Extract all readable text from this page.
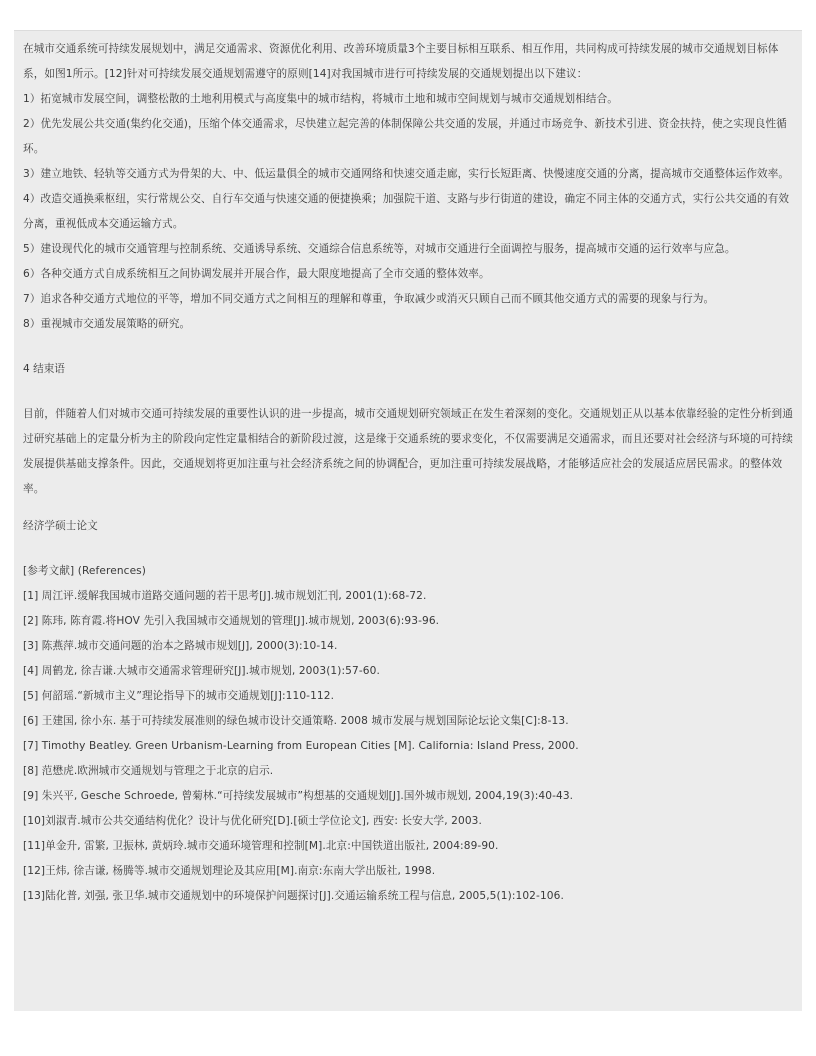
在城市交通系统可持续发展规划中，满足交通需求、资源优化利用、改善环境质量3个主要目标相互联系、相互作用，共同构成可持续发展的城市交通规划目标体系，如图1所示。[12]针对可持续发展交通规划需遵守的原则[14]对我国城市进行可持续发展的交通规划提出以下建议：

1）拓宽城市发展空间，调整松散的土地利用模式与高度集中的城市结构，将城市土地和城市空间规划与城市交通规划相结合。

2）优先发展公共交通(集约化交通)，压缩个体交通需求，尽快建立起完善的体制保障公共交通的发展，并通过市场竞争、新技术引进、资金扶持，使之实现良性循环。

3）建立地铁、轻轨等交通方式为骨架的大、中、低运量俱全的城市交通网络和快速交通走廊，实行长短距离、快慢速度交通的分离，提高城市交通整体运作效率。

4）改造交通换乘枢纽，实行常规公交、自行车交通与快速交通的便捷换乘；加强院干道、支路与步行街道的建设，确定不同主体的交通方式，实行公共交通的有效分离，重视低成本交通运输方式。

5）建设现代化的城市交通管理与控制系统、交通诱导系统、交通综合信息系统等，对城市交通进行全面调控与服务，提高城市交通的运行效率与应急。

6）各种交通方式自成系统相互之间协调发展并开展合作，最大限度地提高了全市交通的整体效率。

7）追求各种交通方式地位的平等，增加不同交通方式之间相互的理解和尊重，争取减少或消灭只顾自己而不顾其他交通方式的需要的现象与行为。

8）重视城市交通发展策略的研究。

4 结束语

目前，伴随着人们对城市交通可持续发展的重要性认识的进一步提高，城市交通规划研究领域正在发生着深刻的变化。交通规划正从以基本依靠经验的定性分析到通过研究基础上的定量分析为主的阶段向定性定量相结合的新阶段过渡，这是缘于交通系统的要求变化，不仅需要满足交通需求，而且还要对社会经济与环境的可持续发展提供基础支撑条件。因此，交通规划将更加注重与社会经济系统之间的协调配合，更加注重可持续发展战略，才能够适应社会的发展适应居民需求。的整体效率。

经济学硕士论文

[参考文献] (References)

[1] 周江评.缓解我国城市道路交通问题的若干思考[J].城市规划汇刊, 2001(1):68-72.

[2] 陈玮, 陈育霞.将HOV 先引入我国城市交通规划的管理[J].城市规划, 2003(6):93-96.

[3] 陈燕萍.城市交通问题的治本之路城市规划[J], 2000(3):10-14.

[4] 周鹤龙, 徐吉谦.大城市交通需求管理研究[J].城市规划, 2003(1):57-60.

[5] 何韶瑶.“新城市主义”理论指导下的城市交通规划[J]:110-112.

[6] 王建国, 徐小东. 基于可持续发展准则的绿色城市设计交通策略. 2008 城市发展与规划国际论坛论文集[C]:8-13.

[7] Timothy Beatley. Green Urbanism-Learning from European Cities [M]. California: Island Press, 2000.

[8] 范懋虎.欧洲城市交通规划与管理之于北京的启示.

[9] 朱兴平, Gesche Schroede, 曾菊林.“可持续发展城市”构想基的交通规划[J].国外城市规划, 2004,19(3):40-43.

[10]刘淑青.城市公共交通结构优化？设计与优化研究[D].[硕士学位论文], 西安: 长安大学, 2003.

[11]单金升, 雷繁, 卫振林, 黄炳玲.城市交通环境管理和控制[M].北京:中国铁道出版社, 2004:89-90.

[12]王炜, 徐吉谦, 杨腾等.城市交通规划理论及其应用[M].南京:东南大学出版社, 1998.

[13]陆化普, 刘强, 张卫华.城市交通规划中的环境保护问题探讨[J].交通运输系统工程与信息, 2005,5(1):102-106.
